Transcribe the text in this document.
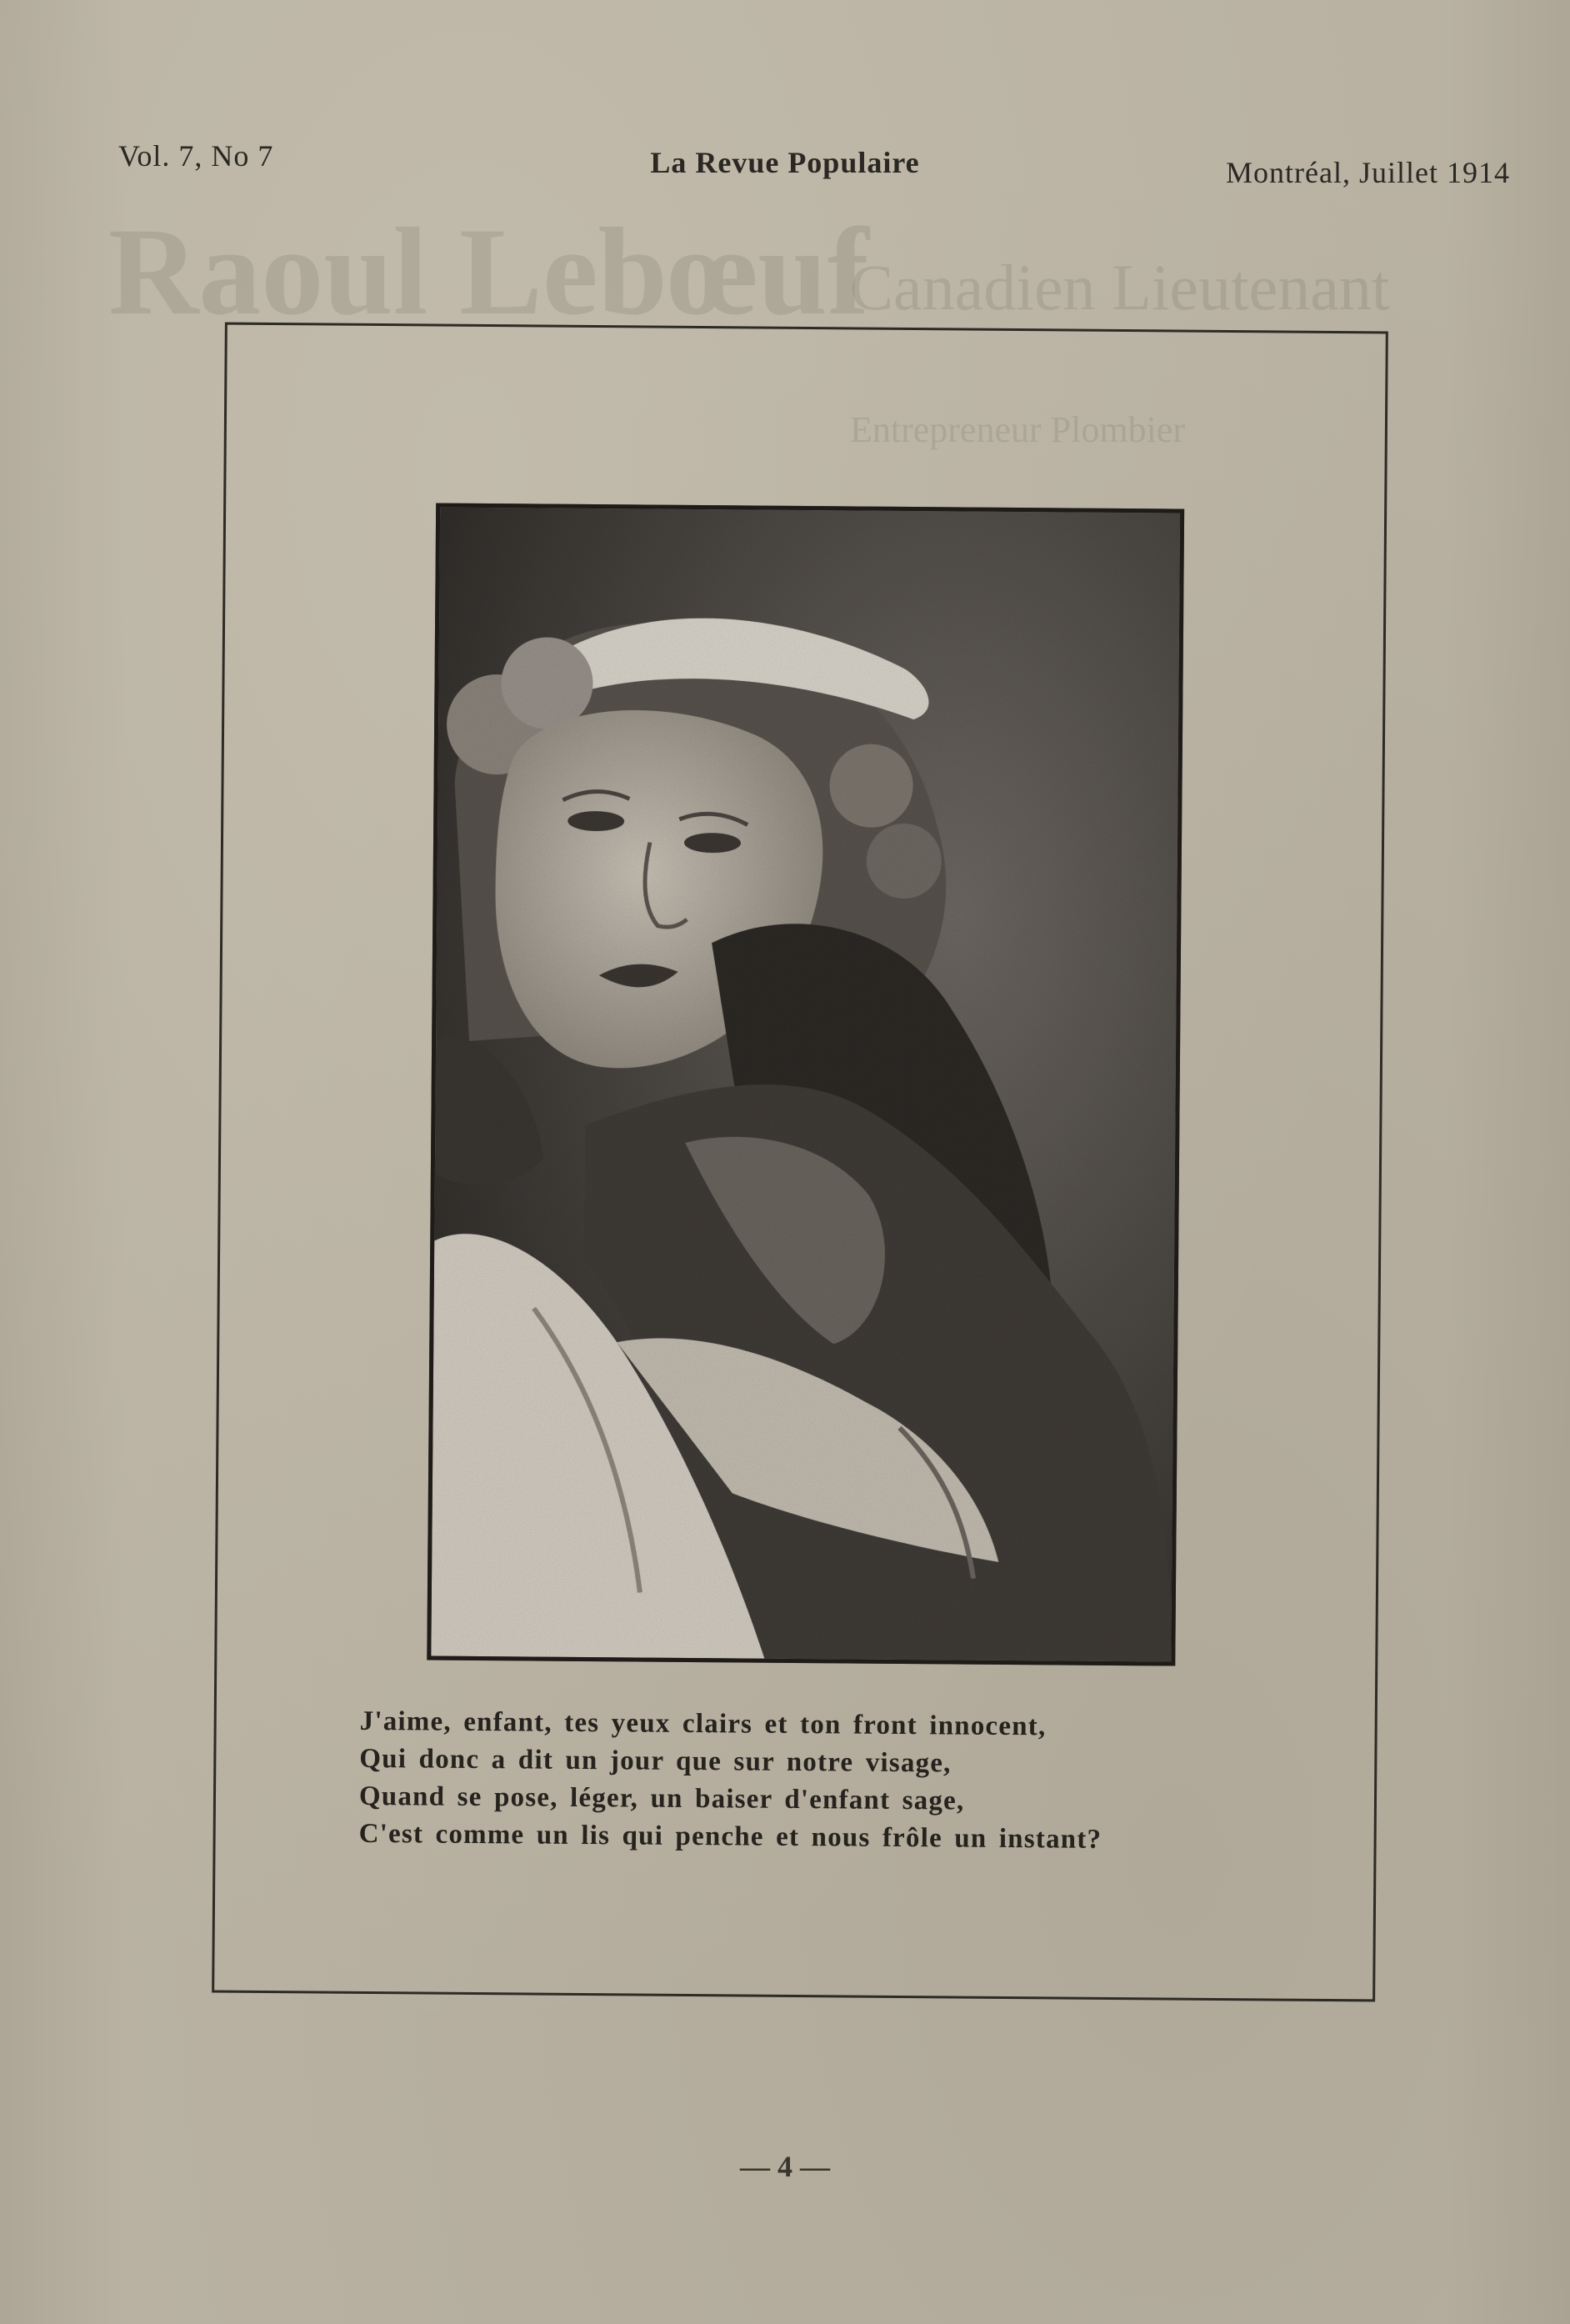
Raoul Lebœuf
Canadien Lieutenant
Entrepreneur Plombier
Vol. 7, No 7	La Revue Populaire	Montréal, Juillet 1914
J'aime, enfant, tes yeux clairs et ton front innocent,
Qui donc a dit un jour que sur notre visage,
Quand se pose, léger, un baiser d'enfant sage,
C'est comme un lis qui penche et nous frôle un instant?
— 4 —
